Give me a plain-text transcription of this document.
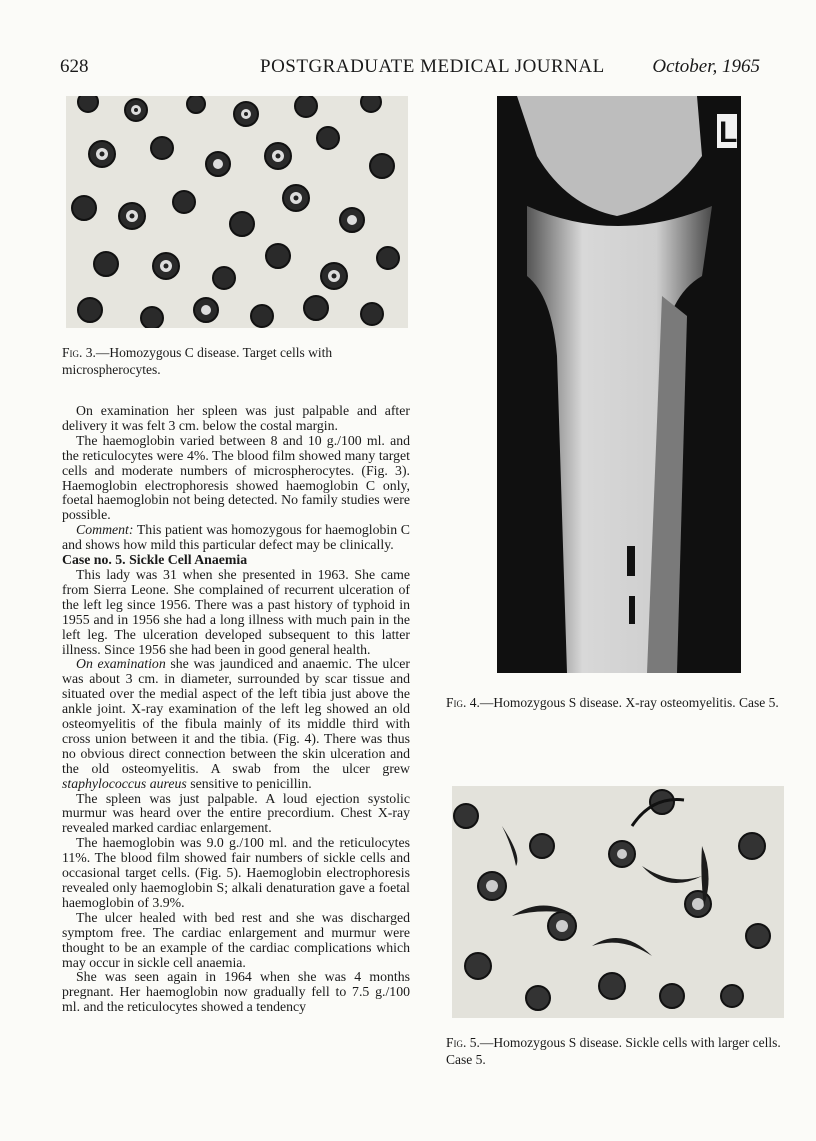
628	POSTGRADUATE MEDICAL JOURNAL	October, 1965
Fig. 3.—Homozygous C disease. Target cells with microspherocytes.
L
Fig. 4.—Homozygous S disease. X-ray osteomyelitis. Case 5.
Fig. 5.—Homozygous S disease. Sickle cells with larger cells. Case 5.

On examination her spleen was just palpable and after delivery it was felt 3 cm. below the costal margin.

The haemoglobin varied between 8 and 10 g./100 ml. and the reticulocytes were 4%. The blood film showed many target cells and moderate numbers of microspherocytes. (Fig. 3). Haemoglobin electrophoresis showed haemoglobin C only, foetal haemoglobin not being detected. No family studies were possible.

Comment: This patient was homozygous for haemoglobin C and shows how mild this particular defect may be clinically.

Case no. 5. Sickle Cell Anaemia

This lady was 31 when she presented in 1963. She came from Sierra Leone. She complained of recurrent ulceration of the left leg since 1956. There was a past history of typhoid in 1955 and in 1956 she had a long illness with much pain in the left leg. The ulceration developed subsequent to this latter illness. Since 1956 she had been in good general health.

On examination she was jaundiced and anaemic. The ulcer was about 3 cm. in diameter, surrounded by scar tissue and situated over the medial aspect of the left tibia just above the ankle joint. X-ray examination of the left leg showed an old osteomyelitis of the fibula mainly of its middle third with cross union between it and the tibia. (Fig. 4). There was thus no obvious direct connection between the skin ulceration and the old osteomyelitis. A swab from the ulcer grew staphylococcus aureus sensitive to penicillin.

The spleen was just palpable. A loud ejection systolic murmur was heard over the entire precordium. Chest X-ray revealed marked cardiac enlargement.

The haemoglobin was 9.0 g./100 ml. and the reticulocytes 11%. The blood film showed fair numbers of sickle cells and occasional target cells. (Fig. 5). Haemoglobin electrophoresis revealed only haemoglobin S; alkali denaturation gave a foetal haemoglobin of 3.9%.

The ulcer healed with bed rest and she was discharged symptom free. The cardiac enlargement and murmur were thought to be an example of the cardiac complications which may occur in sickle cell anaemia.

She was seen again in 1964 when she was 4 months pregnant. Her haemoglobin now gradually fell to 7.5 g./100 ml. and the reticulocytes showed a tendency
